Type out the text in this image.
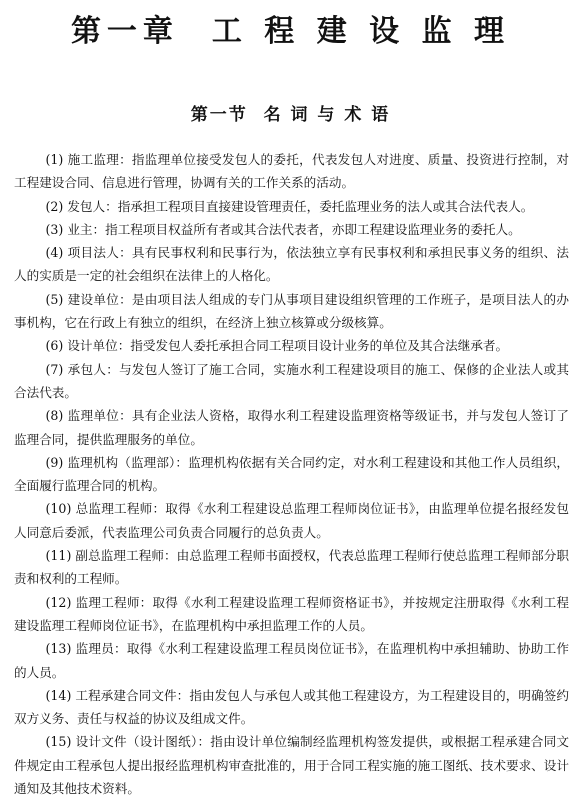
第一章  工 程 建 设 监 理
第一节  名 词 与 术 语

(1) 施工监理：指监理单位接受发包人的委托，代表发包人对进度、质量、投资进行控制，对工程建设合同、信息进行管理，协调有关的工作关系的活动。

(2) 发包人：指承担工程项目直接建设管理责任，委托监理业务的法人或其合法代表人。

(3) 业主：指工程项目权益所有者或其合法代表者，亦即工程建设监理业务的委托人。

(4) 项目法人：具有民事权利和民事行为，依法独立享有民事权利和承担民事义务的组织、法人的实质是一定的社会组织在法律上的人格化。

(5) 建设单位：是由项目法人组成的专门从事项目建设组织管理的工作班子，是项目法人的办事机构，它在行政上有独立的组织，在经济上独立核算或分级核算。

(6) 设计单位：指受发包人委托承担合同工程项目设计业务的单位及其合法继承者。

(7) 承包人：与发包人签订了施工合同，实施水利工程建设项目的施工、保修的企业法人或其合法代表。

(8) 监理单位：具有企业法人资格，取得水利工程建设监理资格等级证书，并与发包人签订了监理合同，提供监理服务的单位。

(9) 监理机构（监理部）：监理机构依据有关合同约定，对水利工程建设和其他工作人员组织，全面履行监理合同的机构。

(10) 总监理工程师：取得《水利工程建设总监理工程师岗位证书》，由监理单位提名报经发包人同意后委派，代表监理公司负责合同履行的总负责人。

(11) 副总监理工程师：由总监理工程师书面授权，代表总监理工程师行使总监理工程师部分职责和权利的工程师。

(12) 监理工程师：取得《水利工程建设监理工程师资格证书》，并按规定注册取得《水利工程建设监理工程师岗位证书》，在监理机构中承担监理工作的人员。

(13) 监理员：取得《水利工程建设监理工程员岗位证书》，在监理机构中承担辅助、协助工作的人员。

(14) 工程承建合同文件：指由发包人与承包人或其他工程建设方，为工程建设目的，明确签约双方义务、责任与权益的协议及组成文件。

(15) 设计文件（设计图纸）：指由设计单位编制经监理机构签发提供，或根据工程承建合同文件规定由工程承包人提出报经监理机构审查批准的，用于合同工程实施的施工图纸、技术要求、设计通知及其他技术资料。
